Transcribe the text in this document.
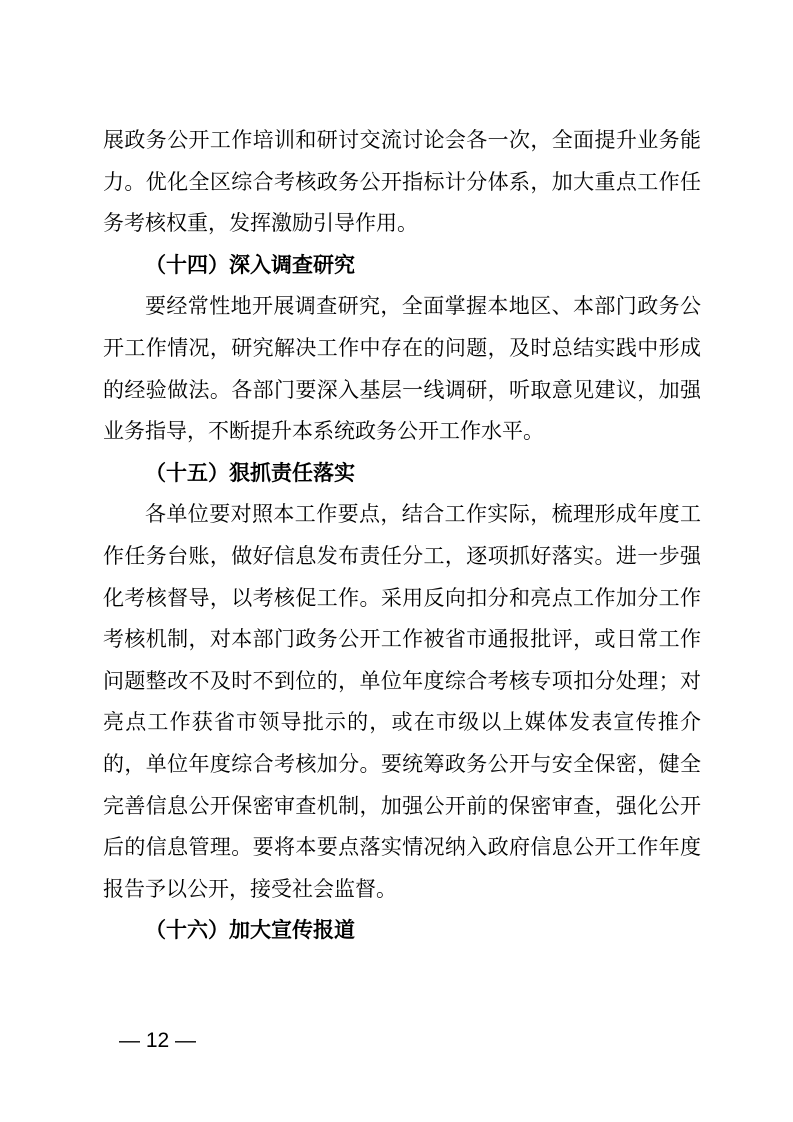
展政务公开工作培训和研讨交流讨论会各一次，全面提升业务能力。优化全区综合考核政务公开指标计分体系，加大重点工作任务考核权重，发挥激励引导作用。

（十四）深入调查研究

要经常性地开展调查研究，全面掌握本地区、本部门政务公开工作情况，研究解决工作中存在的问题，及时总结实践中形成的经验做法。各部门要深入基层一线调研，听取意见建议，加强业务指导，不断提升本系统政务公开工作水平。

（十五）狠抓责任落实

各单位要对照本工作要点，结合工作实际，梳理形成年度工作任务台账，做好信息发布责任分工，逐项抓好落实。进一步强化考核督导，以考核促工作。采用反向扣分和亮点工作加分工作考核机制，对本部门政务公开工作被省市通报批评，或日常工作问题整改不及时不到位的，单位年度综合考核专项扣分处理；对亮点工作获省市领导批示的，或在市级以上媒体发表宣传推介的，单位年度综合考核加分。要统筹政务公开与安全保密，健全完善信息公开保密审查机制，加强公开前的保密审查，强化公开后的信息管理。要将本要点落实情况纳入政府信息公开工作年度报告予以公开，接受社会监督。

（十六）加大宣传报道

— 12 —
